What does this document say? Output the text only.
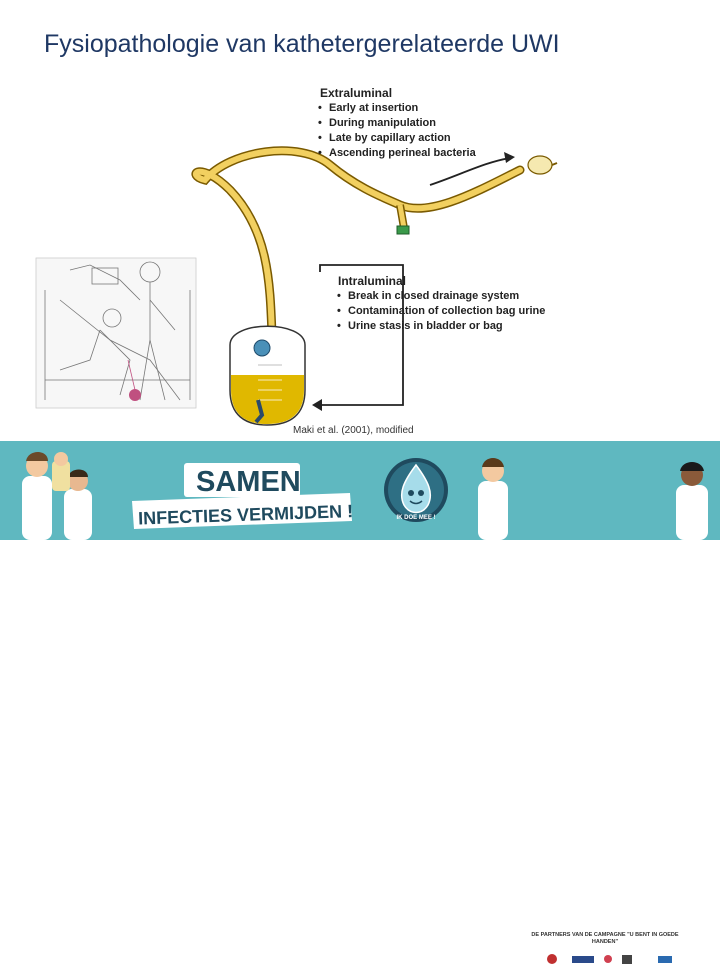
Fysiopathologie van kathetergerelateerde UWI
Extraluminal
• Early at insertion
• During manipulation
• Late by capillary action
• Ascending perineal bacteria
Intraluminal
• Break in closed drainage system
• Contamination of collection bag urine
• Urine stasis in bladder or bag
Maki et al. (2001), modified
SAMEN
INFECTIES VERMIJDEN !	IK DOE MEE !
DE PARTNERS VAN DE CAMPAGNE "U BENT IN GOEDE HANDEN"
